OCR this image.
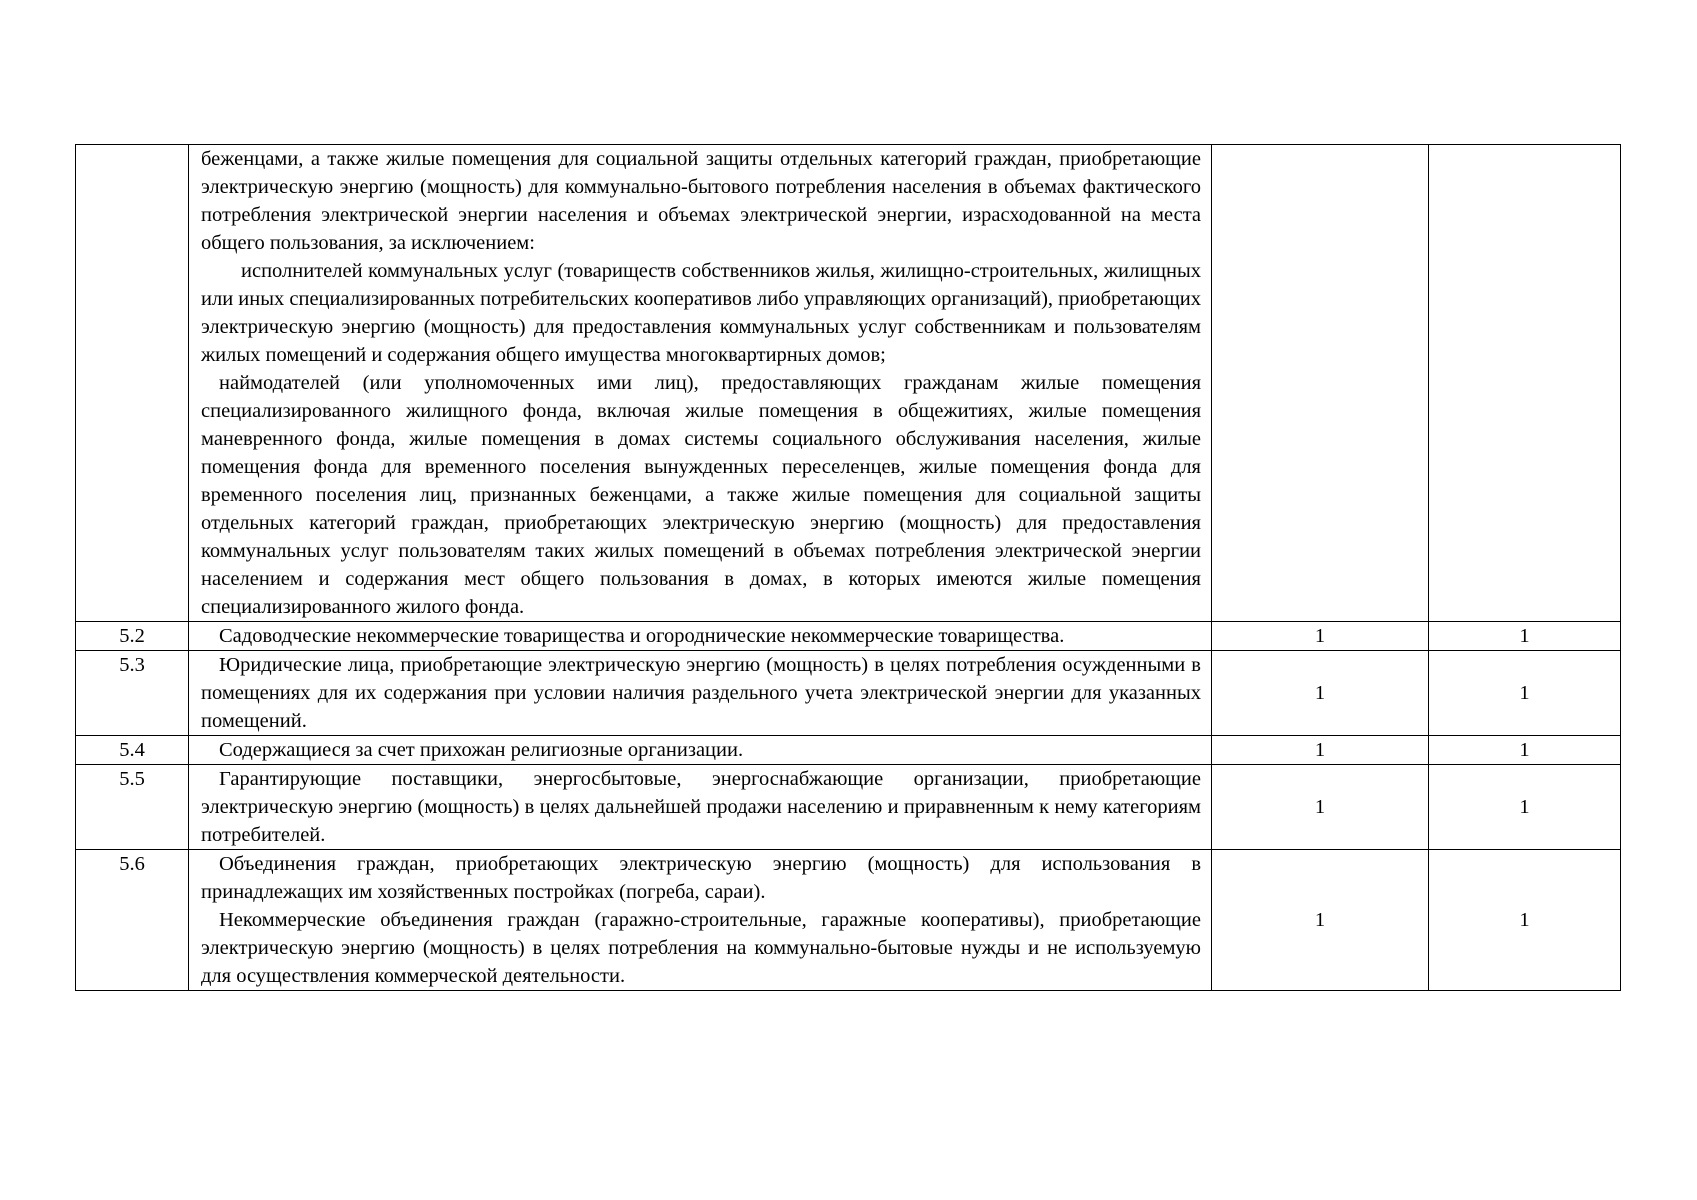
	беженцами, а также жилые помещения для социальной защиты отдельных категорий граждан, приобретающие электрическую энергию (мощность) для коммунально-бытового потребления населения в объемах фактического потребления электрической энергии населения и объемах электрической энергии, израсходованной на места общего пользования, за исключением:

исполнителей коммунальных услуг (товариществ собственников жилья, жилищно-строительных, жилищных или иных специализированных потребительских кооперативов либо управляющих организаций), приобретающих электрическую энергию (мощность) для предоставления коммунальных услуг собственникам и пользователям жилых помещений и содержания общего имущества многоквартирных домов;

наймодателей (или уполномоченных ими лиц), предоставляющих гражданам жилые помещения специализированного жилищного фонда, включая жилые помещения в общежитиях, жилые помещения маневренного фонда, жилые помещения в домах системы социального обслуживания населения, жилые помещения фонда для временного поселения вынужденных переселенцев, жилые помещения фонда для временного поселения лиц, признанных беженцами, а также жилые помещения для социальной защиты отдельных категорий граждан, приобретающих электрическую энергию (мощность) для предоставления коммунальных услуг пользователям таких жилых помещений в объемах потребления электрической энергии населением и содержания мест общего пользования в домах, в которых имеются жилые помещения специализированного жилого фонда.		

5.2	Садоводческие некоммерческие товарищества и огороднические некоммерческие товарищества.	1	1
5.3	Юридические лица, приобретающие электрическую энергию (мощность) в целях потребления осужденными в помещениях для их содержания при условии наличия раздельного учета электрической энергии для указанных помещений.	1	1
5.4	Содержащиеся за счет прихожан религиозные организации.	1	1
5.5	Гарантирующие поставщики, энергосбытовые, энергоснабжающие организации, приобретающие электрическую энергию (мощность) в целях дальнейшей продажи населению и приравненным к нему категориям потребителей.	1	1
5.6	Объединения граждан, приобретающих электрическую энергию (мощность) для использования в принадлежащих им хозяйственных постройках (погреба, сараи).

Некоммерческие объединения граждан (гаражно-строительные, гаражные кооперативы), приобретающие электрическую энергию (мощность) в целях потребления на коммунально-бытовые нужды и не используемую для осуществления коммерческой деятельности.	1	1
